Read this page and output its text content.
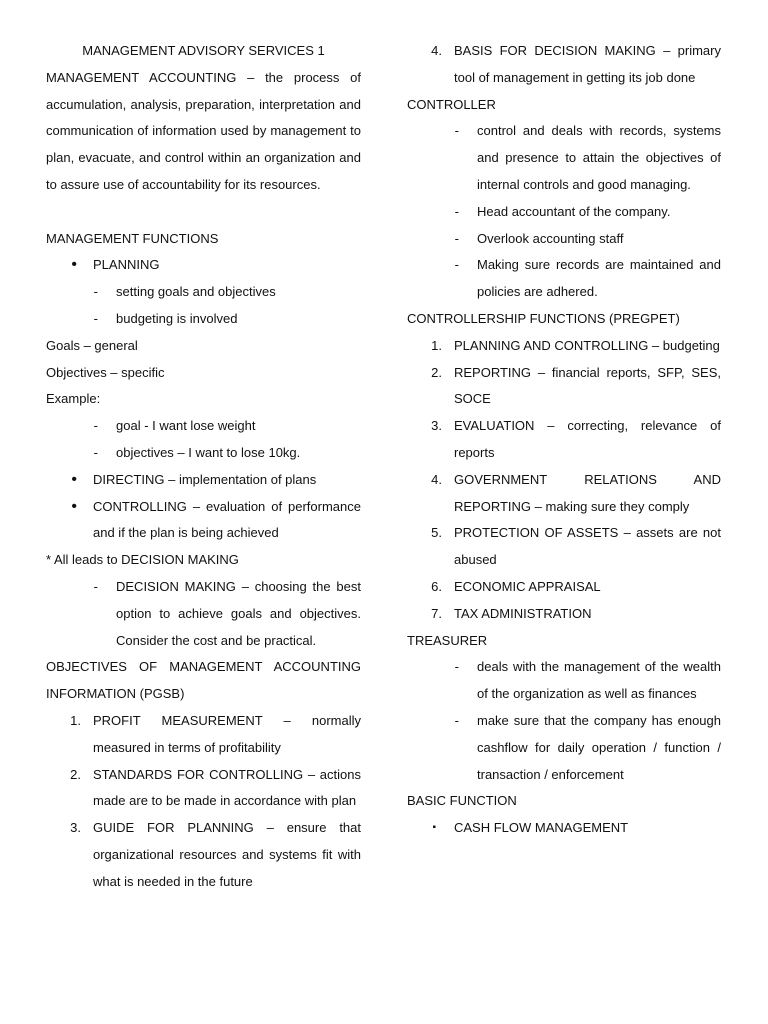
MANAGEMENT ADVISORY SERVICES 1

MANAGEMENT ACCOUNTING – the process of accumulation, analysis, preparation, interpretation and communication of information used by management to plan, evacuate, and control within an organization and to assure use of accountability for its resources.

MANAGEMENT FUNCTIONS

•	PLANNING
-	setting goals and objectives
-	budgeting is involved

Goals – general

Objectives – specific

Example:

-	goal - I want lose weight
-	objectives – I want to lose 10kg.
•	DIRECTING – implementation of plans
•	CONTROLLING – evaluation of performance and if the plan is being achieved

* All leads to DECISION MAKING

-	DECISION MAKING – choosing the best option to achieve goals and objectives. Consider the cost and be practical.

OBJECTIVES OF MANAGEMENT ACCOUNTING INFORMATION (PGSB)

1. PROFIT MEASUREMENT – normally measured in terms of profitability
2. STANDARDS FOR CONTROLLING – actions made are to be made in accordance with plan
3. GUIDE FOR PLANNING – ensure that organizational resources and systems fit with what is needed in the future
4. BASIS FOR DECISION MAKING – primary tool of management in getting its job done

CONTROLLER

-	control and deals with records, systems and presence to attain the objectives of internal controls and good managing.
-	Head accountant of the company.
-	Overlook accounting staff
-	Making sure records are maintained and policies are adhered.

CONTROLLERSHIP FUNCTIONS (PREGPET)

1. PLANNING AND CONTROLLING – budgeting
2. REPORTING – financial reports, SFP, SES, SOCE
3. EVALUATION – correcting, relevance of reports
4. GOVERNMENT RELATIONS AND REPORTING – making sure they comply
5. PROTECTION OF ASSETS – assets are not abused
6. ECONOMIC APPRAISAL
7. TAX ADMINISTRATION

TREASURER

-	deals with the management of the wealth of the organization as well as finances
-	make sure that the company has enough cashflow for daily operation / function / transaction / enforcement

BASIC FUNCTION

▪	CASH FLOW MANAGEMENT
